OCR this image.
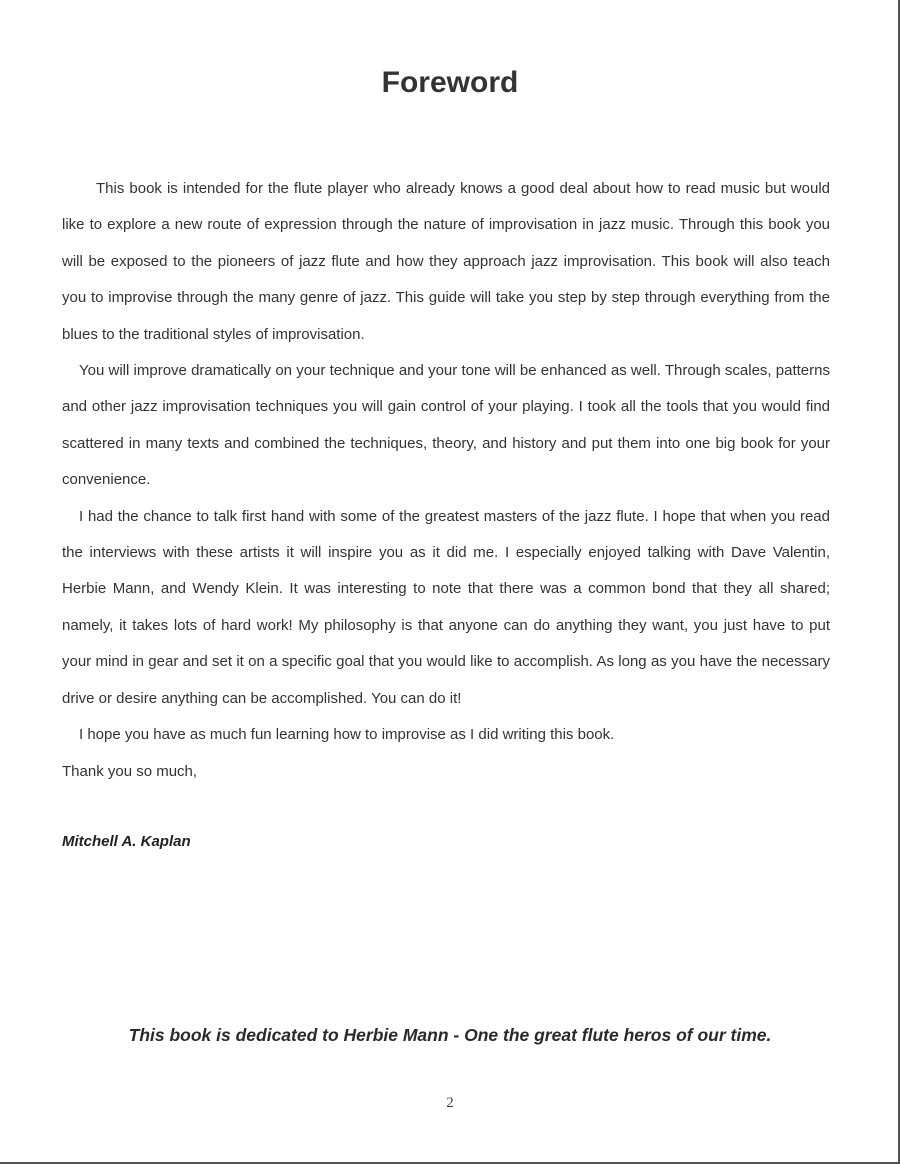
Foreword

This book is intended for the flute player who already knows a good deal about how to read music but would like to explore a new route of expression through the nature of improvisation in jazz music. Through this book you will be exposed to the pioneers of jazz flute and how they approach jazz improvisation. This book will also teach you to improvise through the many genre of jazz. This guide will take you step by step through everything from the blues to the traditional styles of improvisation.

You will improve dramatically on your technique and your tone will be enhanced as well. Through scales, patterns and other jazz improvisation techniques you will gain control of your playing. I took all the tools that you would find scattered in many texts and combined the techniques, theory, and history and put them into one big book for your convenience.

I had the chance to talk first hand with some of the greatest masters of the jazz flute. I hope that when you read the interviews with these artists it will inspire you as it did me. I especially enjoyed talking with Dave Valentin, Herbie Mann, and Wendy Klein. It was interesting to note that there was a common bond that they all shared; namely, it takes lots of hard work! My philosophy is that anyone can do anything they want, you just have to put your mind in gear and set it on a specific goal that you would like to accomplish. As long as you have the necessary drive or desire anything can be accomplished. You can do it!

I hope you have as much fun learning how to improvise as I did writing this book.

Thank you so much,

Mitchell A. Kaplan
This book is dedicated to Herbie Mann - One the great flute heros of our time.
2
